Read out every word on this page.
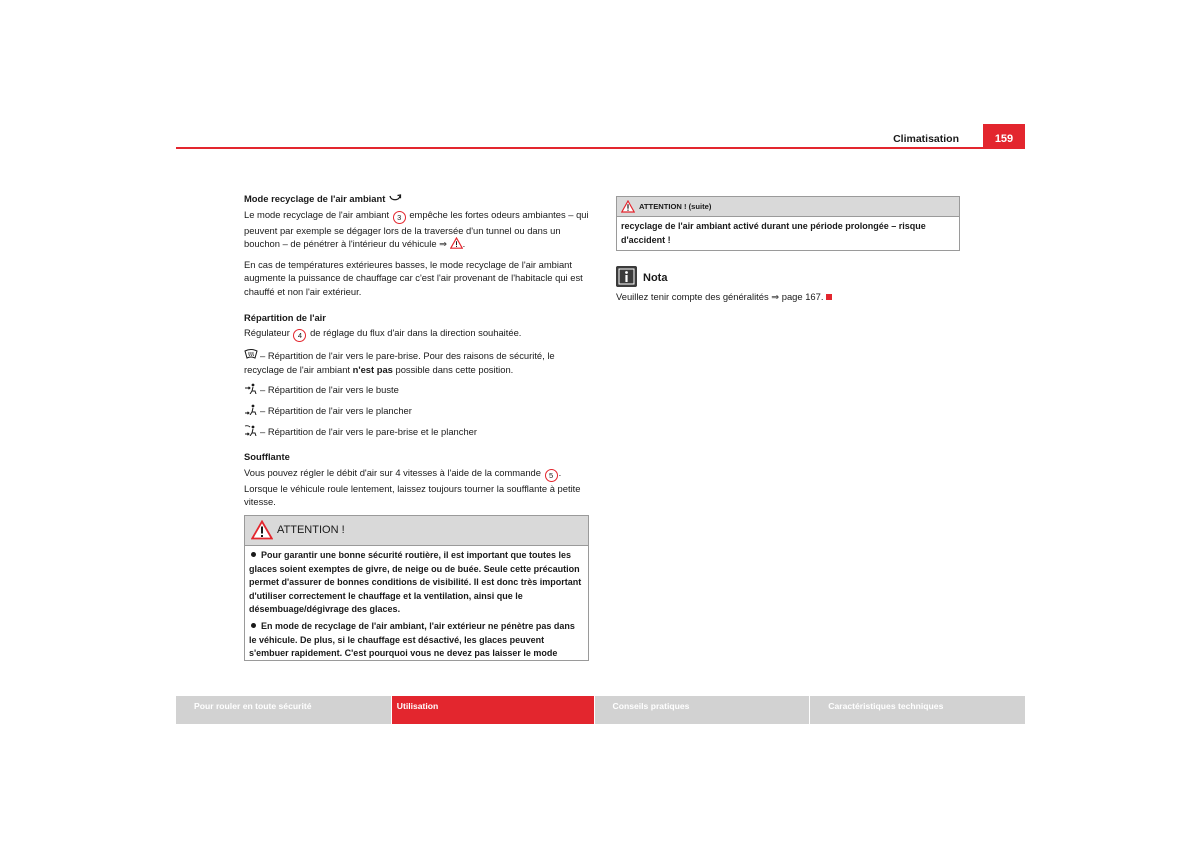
Climatisation	159

Mode recyclage de l'air ambiant

Le mode recyclage de l'air ambiant 3 empêche les fortes odeurs ambiantes – qui peuvent par exemple se dégager lors de la traversée d'un tunnel ou dans un bouchon – de pénétrer à l'intérieur du véhicule ⇒ .

En cas de températures extérieures basses, le mode recyclage de l'air ambiant augmente la puissance de chauffage car c'est l'air provenant de l'habitacle qui est chauffé et non l'air extérieur.

Répartition de l'air

Régulateur 4 de réglage du flux d'air dans la direction souhaitée.

– Répartition de l'air vers le pare-brise. Pour des raisons de sécurité, le recyclage de l'air ambiant n'est pas possible dans cette position.

– Répartition de l'air vers le buste

– Répartition de l'air vers le plancher

– Répartition de l'air vers le pare-brise et le plancher

Soufflante

Vous pouvez régler le débit d'air sur 4 vitesses à l'aide de la commande 5 . Lorsque le véhicule roule lentement, laissez toujours tourner la soufflante à petite vitesse.

ATTENTION !

Pour garantir une bonne sécurité routière, il est important que toutes les glaces soient exemptes de givre, de neige ou de buée. Seule cette précaution permet d'assurer de bonnes conditions de visibilité. Il est donc très important d'utiliser correctement le chauffage et la ventilation, ainsi que le désembuage/dégivrage des glaces.

En mode de recyclage de l'air ambiant, l'air extérieur ne pénètre pas dans le véhicule. De plus, si le chauffage est désactivé, les glaces peuvent s'embuer rapidement. C'est pourquoi vous ne devez pas laisser le mode

ATTENTION ! (suite)
recyclage de l'air ambiant activé durant une période prolongée – risque d'accident !
Nota

Veuillez tenir compte des généralités ⇒ page 167.

Pour rouler en toute sécurité	Utilisation	Conseils pratiques	Caractéristiques techniques
